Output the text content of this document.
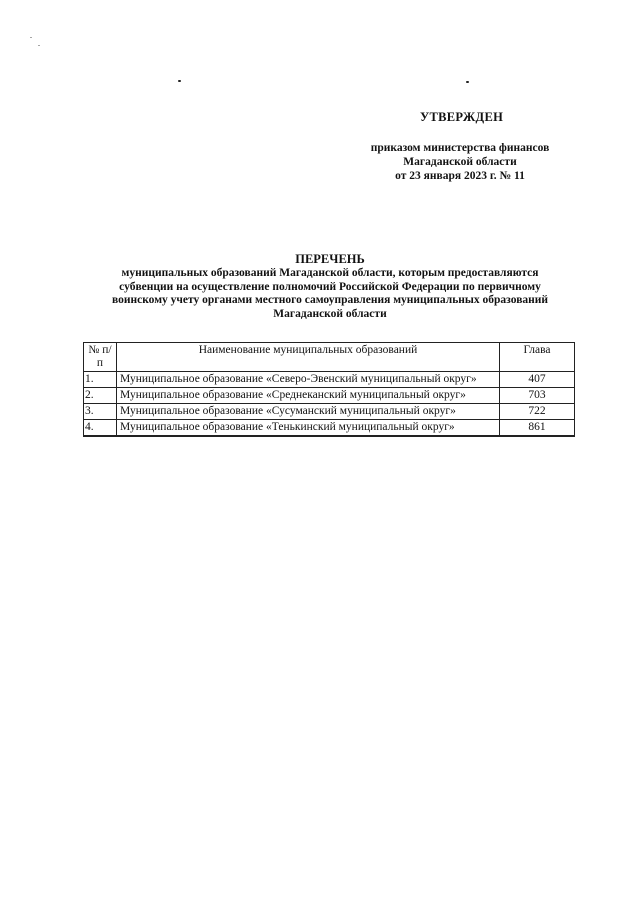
УТВЕРЖДЕН
приказом министерства финансов
Магаданской области
от 23 января 2023 г. № 11
ПЕРЕЧЕНЬ
муниципальных образований Магаданской области, которым предоставляются
субвенции на осуществление полномочий Российской Федерации по первичному
воинскому учету органами местного самоуправления муниципальных образований
Магаданской области
№ п/п	Наименование муниципальных образований	Глава
1.	Муниципальное образование «Северо-Эвенский муниципальный округ»	407
2.	Муниципальное образование «Среднеканский муниципальный округ»	703
3.	Муниципальное образование «Сусуманский муниципальный округ»	722
4.	Муниципальное образование «Тенькинский муниципальный округ»	861
